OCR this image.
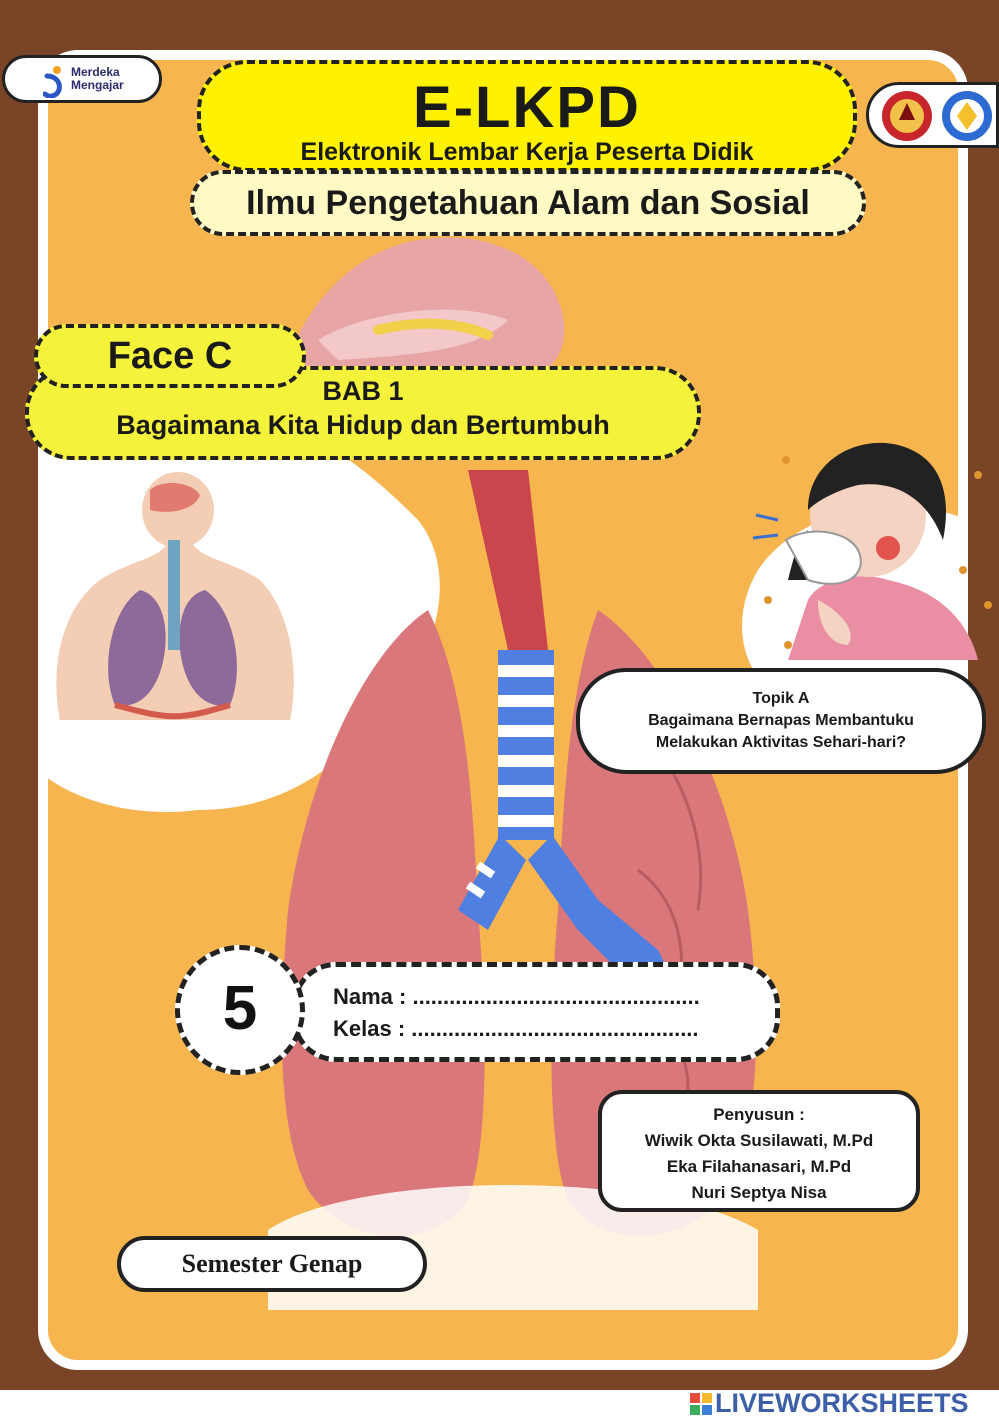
Merdeka
Mengajar	E-LKPD
Elektronik Lembar Kerja Peserta Didik
Ilmu Pengetahuan Alam dan Sosial
BAB 1
Bagaimana Kita Hidup dan Bertumbuh
Face C
Topik A
Bagaimana Bernapas Membantuku
Melakukan Aktivitas Sehari-hari?
Nama : ...............................................
Kelas : ...............................................
5
Penyusun :
Wiwik Okta Susilawati, M.Pd
Eka Filahanasari, M.Pd
Nuri Septya Nisa
Semester Genap
LIVEWORKSHEETS
